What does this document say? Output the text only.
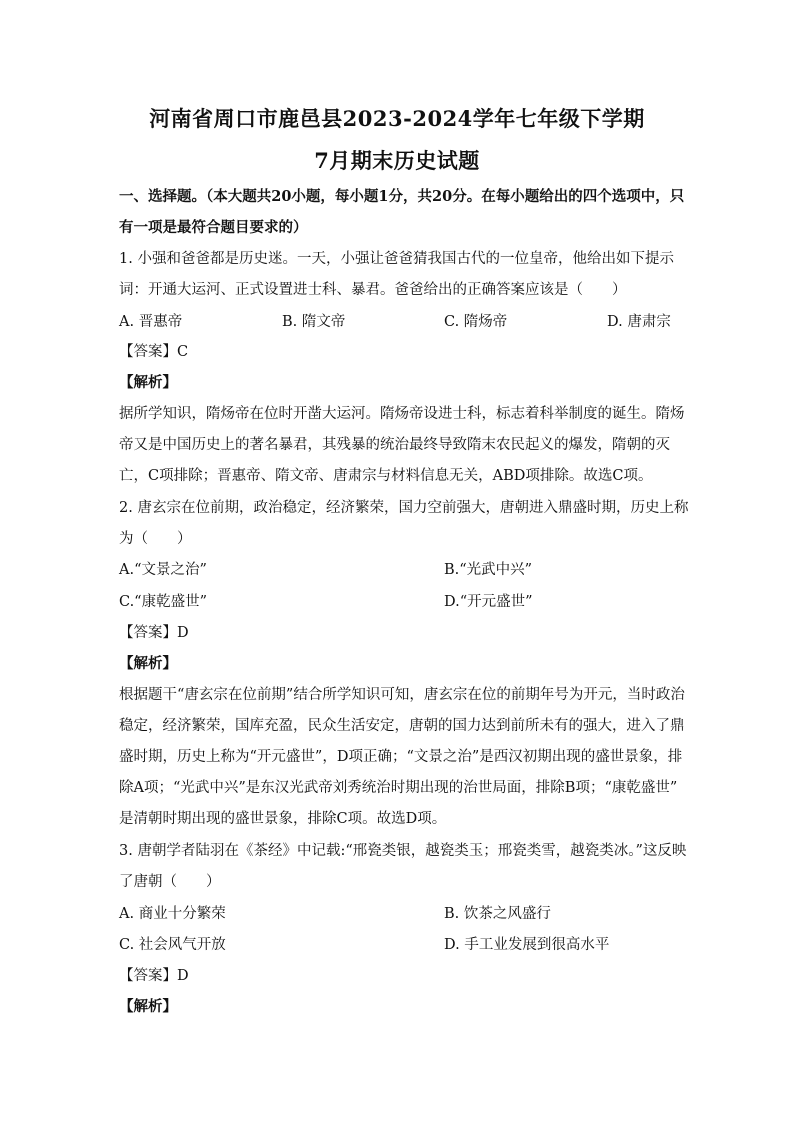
河南省周口市鹿邑县2023-2024学年七年级下学期
7月期末历史试题
一、选择题。（本大题共20小题，每小题1分，共20分。在每小题给出的四个选项中，只
有一项是最符合题目要求的）
1. 小强和爸爸都是历史迷。一天，小强让爸爸猜我国古代的一位皇帝，他给出如下提示
词：开通大运河、正式设置进士科、暴君。爸爸给出的正确答案应该是（　　）
A. 晋惠帝	B. 隋文帝	C. 隋炀帝	D. 唐肃宗
【答案】C
【解析】
据所学知识，隋炀帝在位时开凿大运河。隋炀帝设进士科，标志着科举制度的诞生。隋炀
帝又是中国历史上的著名暴君，其残暴的统治最终导致隋末农民起义的爆发，隋朝的灭
亡，C项排除；晋惠帝、隋文帝、唐肃宗与材料信息无关，ABD项排除。故选C项。
2. 唐玄宗在位前期，政治稳定，经济繁荣，国力空前强大，唐朝进入鼎盛时期，历史上称
为（　　）
A.“文景之治”	B.“光武中兴”
C.“康乾盛世”	D.“开元盛世”
【答案】D
【解析】
根据题干“唐玄宗在位前期”结合所学知识可知，唐玄宗在位的前期年号为开元，当时政治
稳定，经济繁荣，国库充盈，民众生活安定，唐朝的国力达到前所未有的强大，进入了鼎
盛时期，历史上称为“开元盛世”，D项正确；“文景之治”是西汉初期出现的盛世景象，排
除A项；“光武中兴”是东汉光武帝刘秀统治时期出现的治世局面，排除B项；“康乾盛世”
是清朝时期出现的盛世景象，排除C项。故选D项。
3. 唐朝学者陆羽在《茶经》中记载:“邢瓷类银，越瓷类玉；邢瓷类雪，越瓷类冰。”这反映
了唐朝（　　）
A. 商业十分繁荣	B. 饮茶之风盛行
C. 社会风气开放	D. 手工业发展到很高水平
【答案】D
【解析】
